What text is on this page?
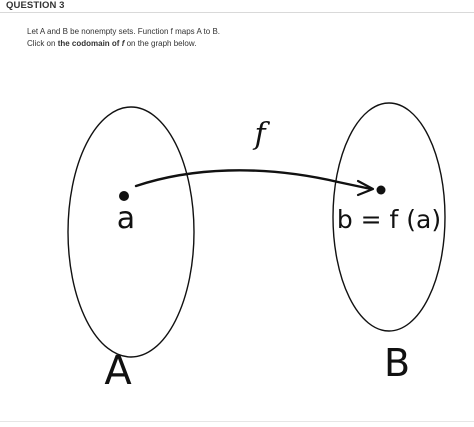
QUESTION 3
Let A and B be nonempty sets. Function f maps A to B.
Click on the codomain of f on the graph below.
f
a	b = f (a)
A	B
